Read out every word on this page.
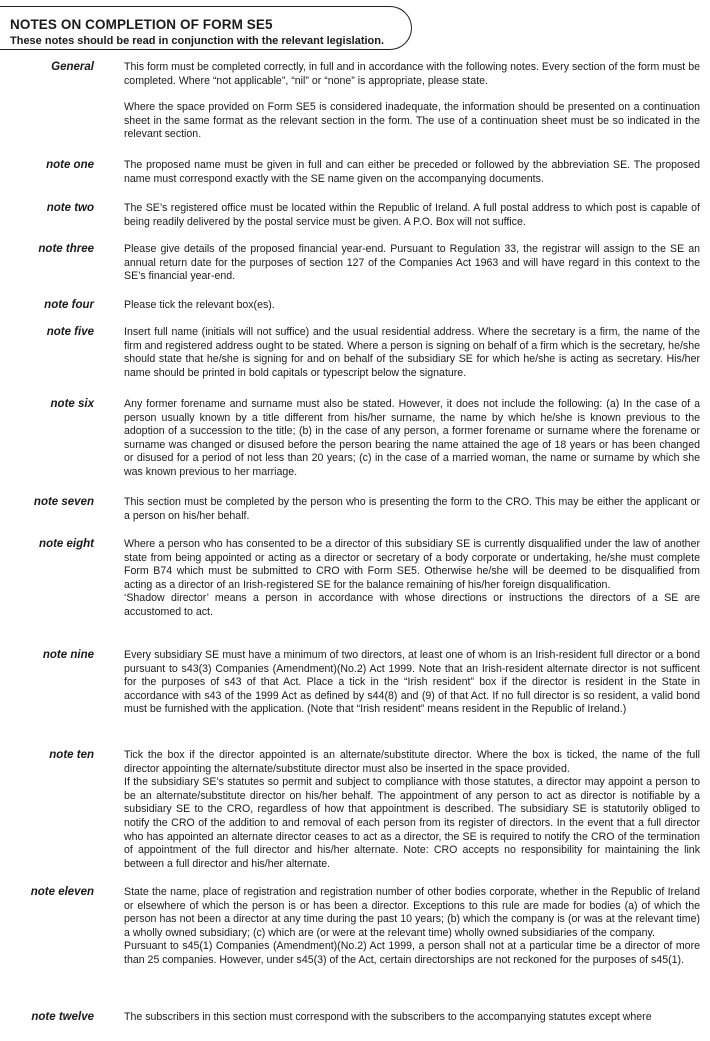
NOTES ON COMPLETION OF FORM SE5
These notes should be read in conjunction with the relevant legislation.
General	This form must be completed correctly, in full and in accordance with the following notes. Every section of the form must be completed. Where “not applicable”, “nil” or “none” is appropriate, please state.

Where the space provided on Form SE5 is considered inadequate, the information should be presented on a continuation sheet in the same format as the relevant section in the form. The use of a continuation sheet must be so indicated in the relevant section.

note one	The proposed name must be given in full and can either be preceded or followed by the abbreviation SE. The proposed name must correspond exactly with the SE name given on the accompanying documents.

note two	The SE’s registered office must be located within the Republic of Ireland. A full postal address to which post is capable of being readily delivered by the postal service must be given. A P.O. Box will not suffice.

note three	Please give details of the proposed financial year-end. Pursuant to Regulation 33, the registrar will assign to the SE an annual return date for the purposes of section 127 of the Companies Act 1963 and will have regard in this context to the SE’s financial year-end.

note four	Please tick the relevant box(es).

note five	Insert full name (initials will not suffice) and the usual residential address. Where the secretary is a firm, the name of the firm and registered address ought to be stated. Where a person is signing on behalf of a firm which is the secretary, he/she should state that he/she is signing for and on behalf of the subsidiary SE for which he/she is acting as secretary. His/her name should be printed in bold capitals or typescript below the signature.

note six	Any former forename and surname must also be stated. However, it does not include the following: (a) In the case of a person usually known by a title different from his/her surname, the name by which he/she is known previous to the adoption of a succession to the title; (b) in the case of any person, a former forename or surname where the forename or surname was changed or disused before the person bearing the name attained the age of 18 years or has been changed or disused for a period of not less than 20 years; (c) in the case of a married woman, the name or surname by which she was known previous to her marriage.

note seven	This section must be completed by the person who is presenting the form to the CRO. This may be either the applicant or a person on his/her behalf.

note eight	Where a person who has consented to be a director of this subsidiary SE is currently disqualified under the law of another state from being appointed or acting as a director or secretary of a body corporate or undertaking, he/she must complete Form B74 which must be submitted to CRO with Form SE5. Otherwise he/she will be deemed to be disqualified from acting as a director of an Irish-registered SE for the balance remaining of his/her foreign disqualification.

‘Shadow director’ means a person in accordance with whose directions or instructions the directors of a SE are accustomed to act.

note nine	Every subsidiary SE must have a minimum of two directors, at least one of whom is an Irish-resident full director or a bond pursuant to s43(3) Companies (Amendment)(No.2) Act 1999. Note that an Irish-resident alternate director is not sufficent for the purposes of s43 of that Act. Place a tick in the “Irish resident” box if the director is resident in the State in accordance with s43 of the 1999 Act as defined by s44(8) and (9) of that Act. If no full director is so resident, a valid bond must be furnished with the application. (Note that “Irish resident” means resident in the Republic of Ireland.)

note ten	Tick the box if the director appointed is an alternate/substitute director. Where the box is ticked, the name of the full director appointing the alternate/substitute director must also be inserted in the space provided.

If the subsidiary SE’s statutes so permit and subject to compliance with those statutes, a director may appoint a person to be an alternate/substitute director on his/her behalf. The appointment of any person to act as director is notifiable by a subsidiary SE to the CRO, regardless of how that appointment is described. The subsidiary SE is statutorily obliged to notify the CRO of the addition to and removal of each person from its register of directors. In the event that a full director who has appointed an alternate director ceases to act as a director, the SE is required to notify the CRO of the termination of appointment of the full director and his/her alternate. Note: CRO accepts no responsibility for maintaining the link between a full director and his/her alternate.

note eleven	State the name, place of registration and registration number of other bodies corporate, whether in the Republic of Ireland or elsewhere of which the person is or has been a director. Exceptions to this rule are made for bodies (a) of which the person has not been a director at any time during the past 10 years; (b) which the company is (or was at the relevant time) a wholly owned subsidiary; (c) which are (or were at the relevant time) wholly owned subsidiaries of the company.

Pursuant to s45(1) Companies (Amendment)(No.2) Act 1999, a person shall not at a particular time be a director of more than 25 companies. However, under s45(3) of the Act, certain directorships are not reckoned for the purposes of s45(1).

note twelve	The subscribers in this section must correspond with the subscribers to the accompanying statutes except where
